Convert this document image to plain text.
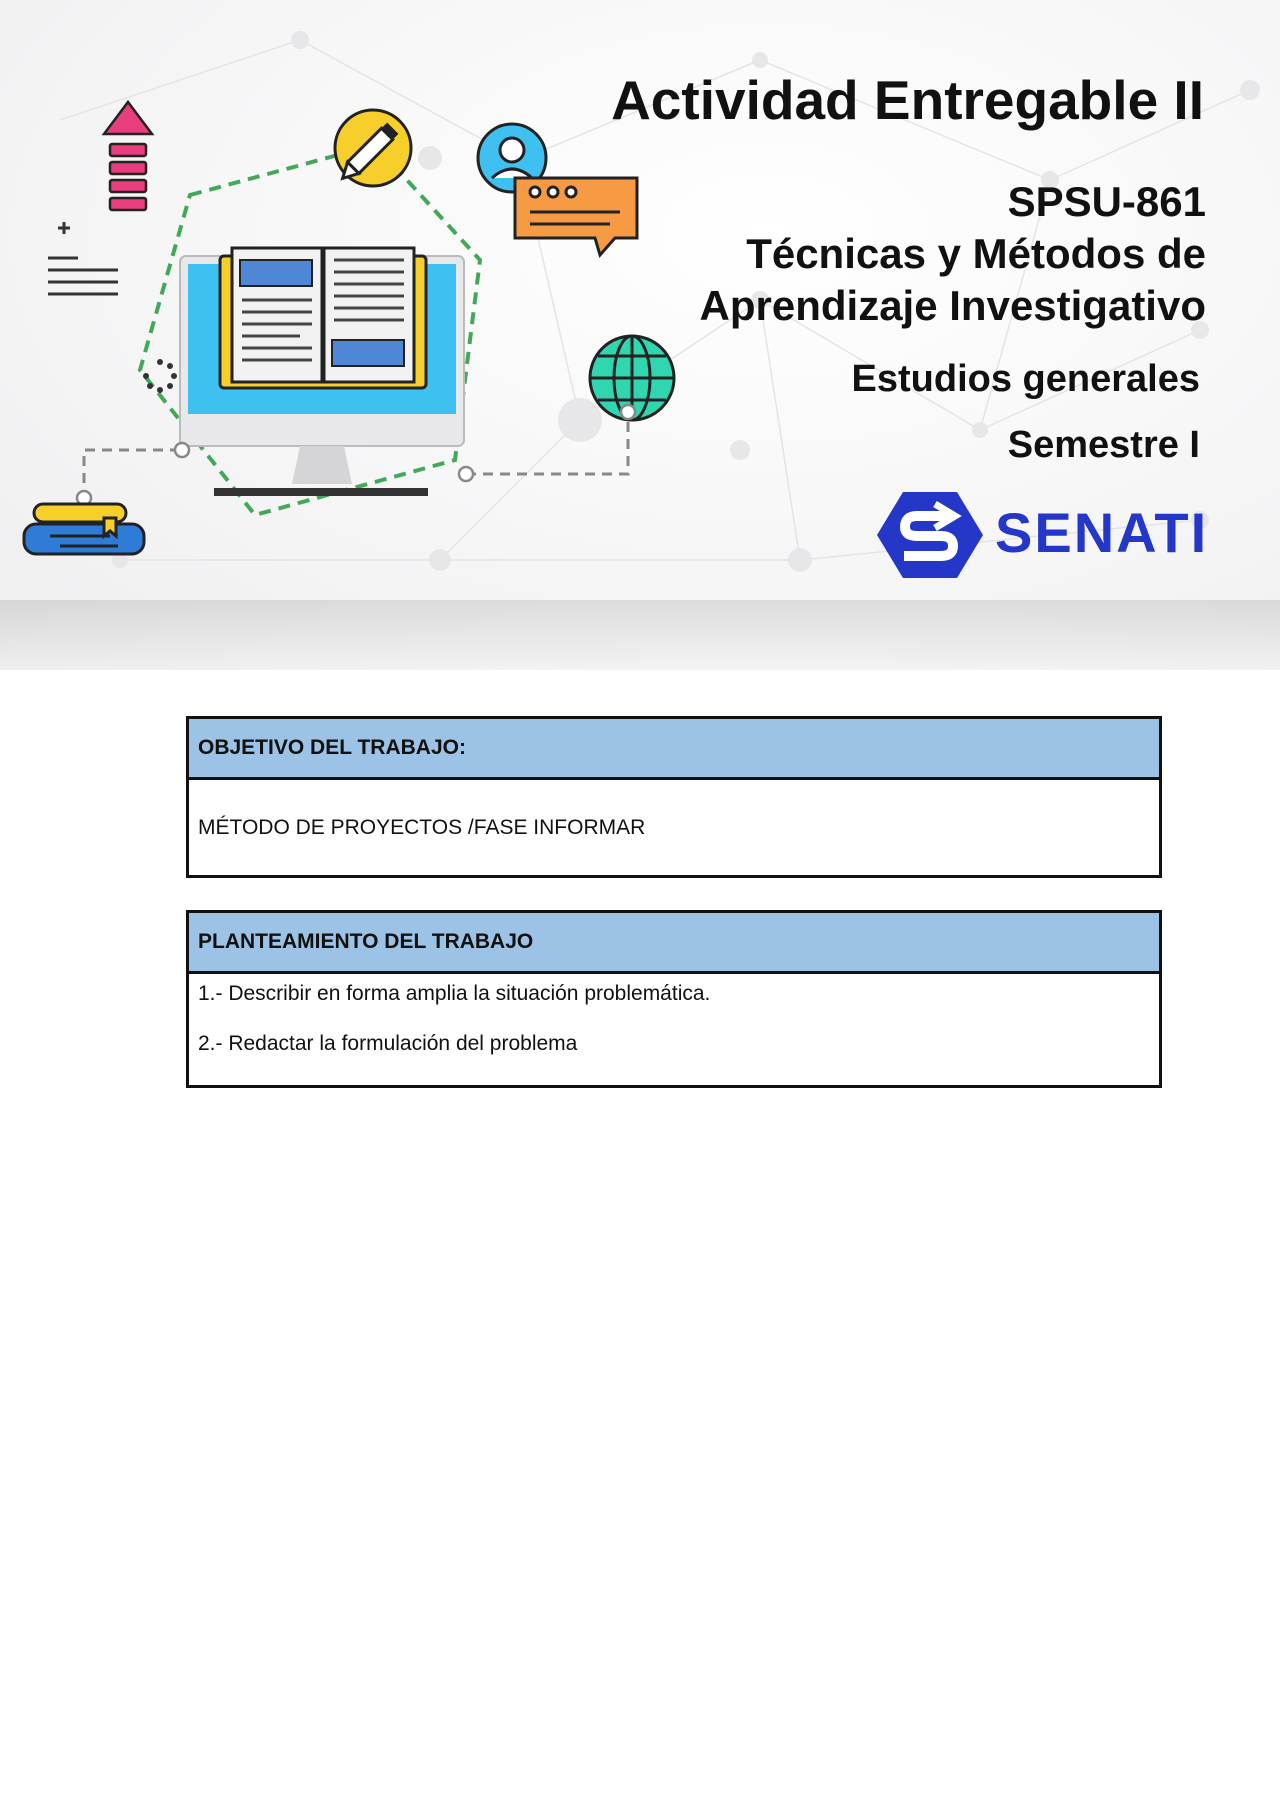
Actividad Entregable II
SPSU-861
Técnicas y Métodos de
Aprendizaje Investigativo
Estudios generales
Semestre I
SENATI
OBJETIVO DEL TRABAJO:
MÉTODO DE PROYECTOS /FASE INFORMAR
PLANTEAMIENTO DEL TRABAJO

1.- Describir en forma amplia la situación problemática.

2.- Redactar la formulación del problema
